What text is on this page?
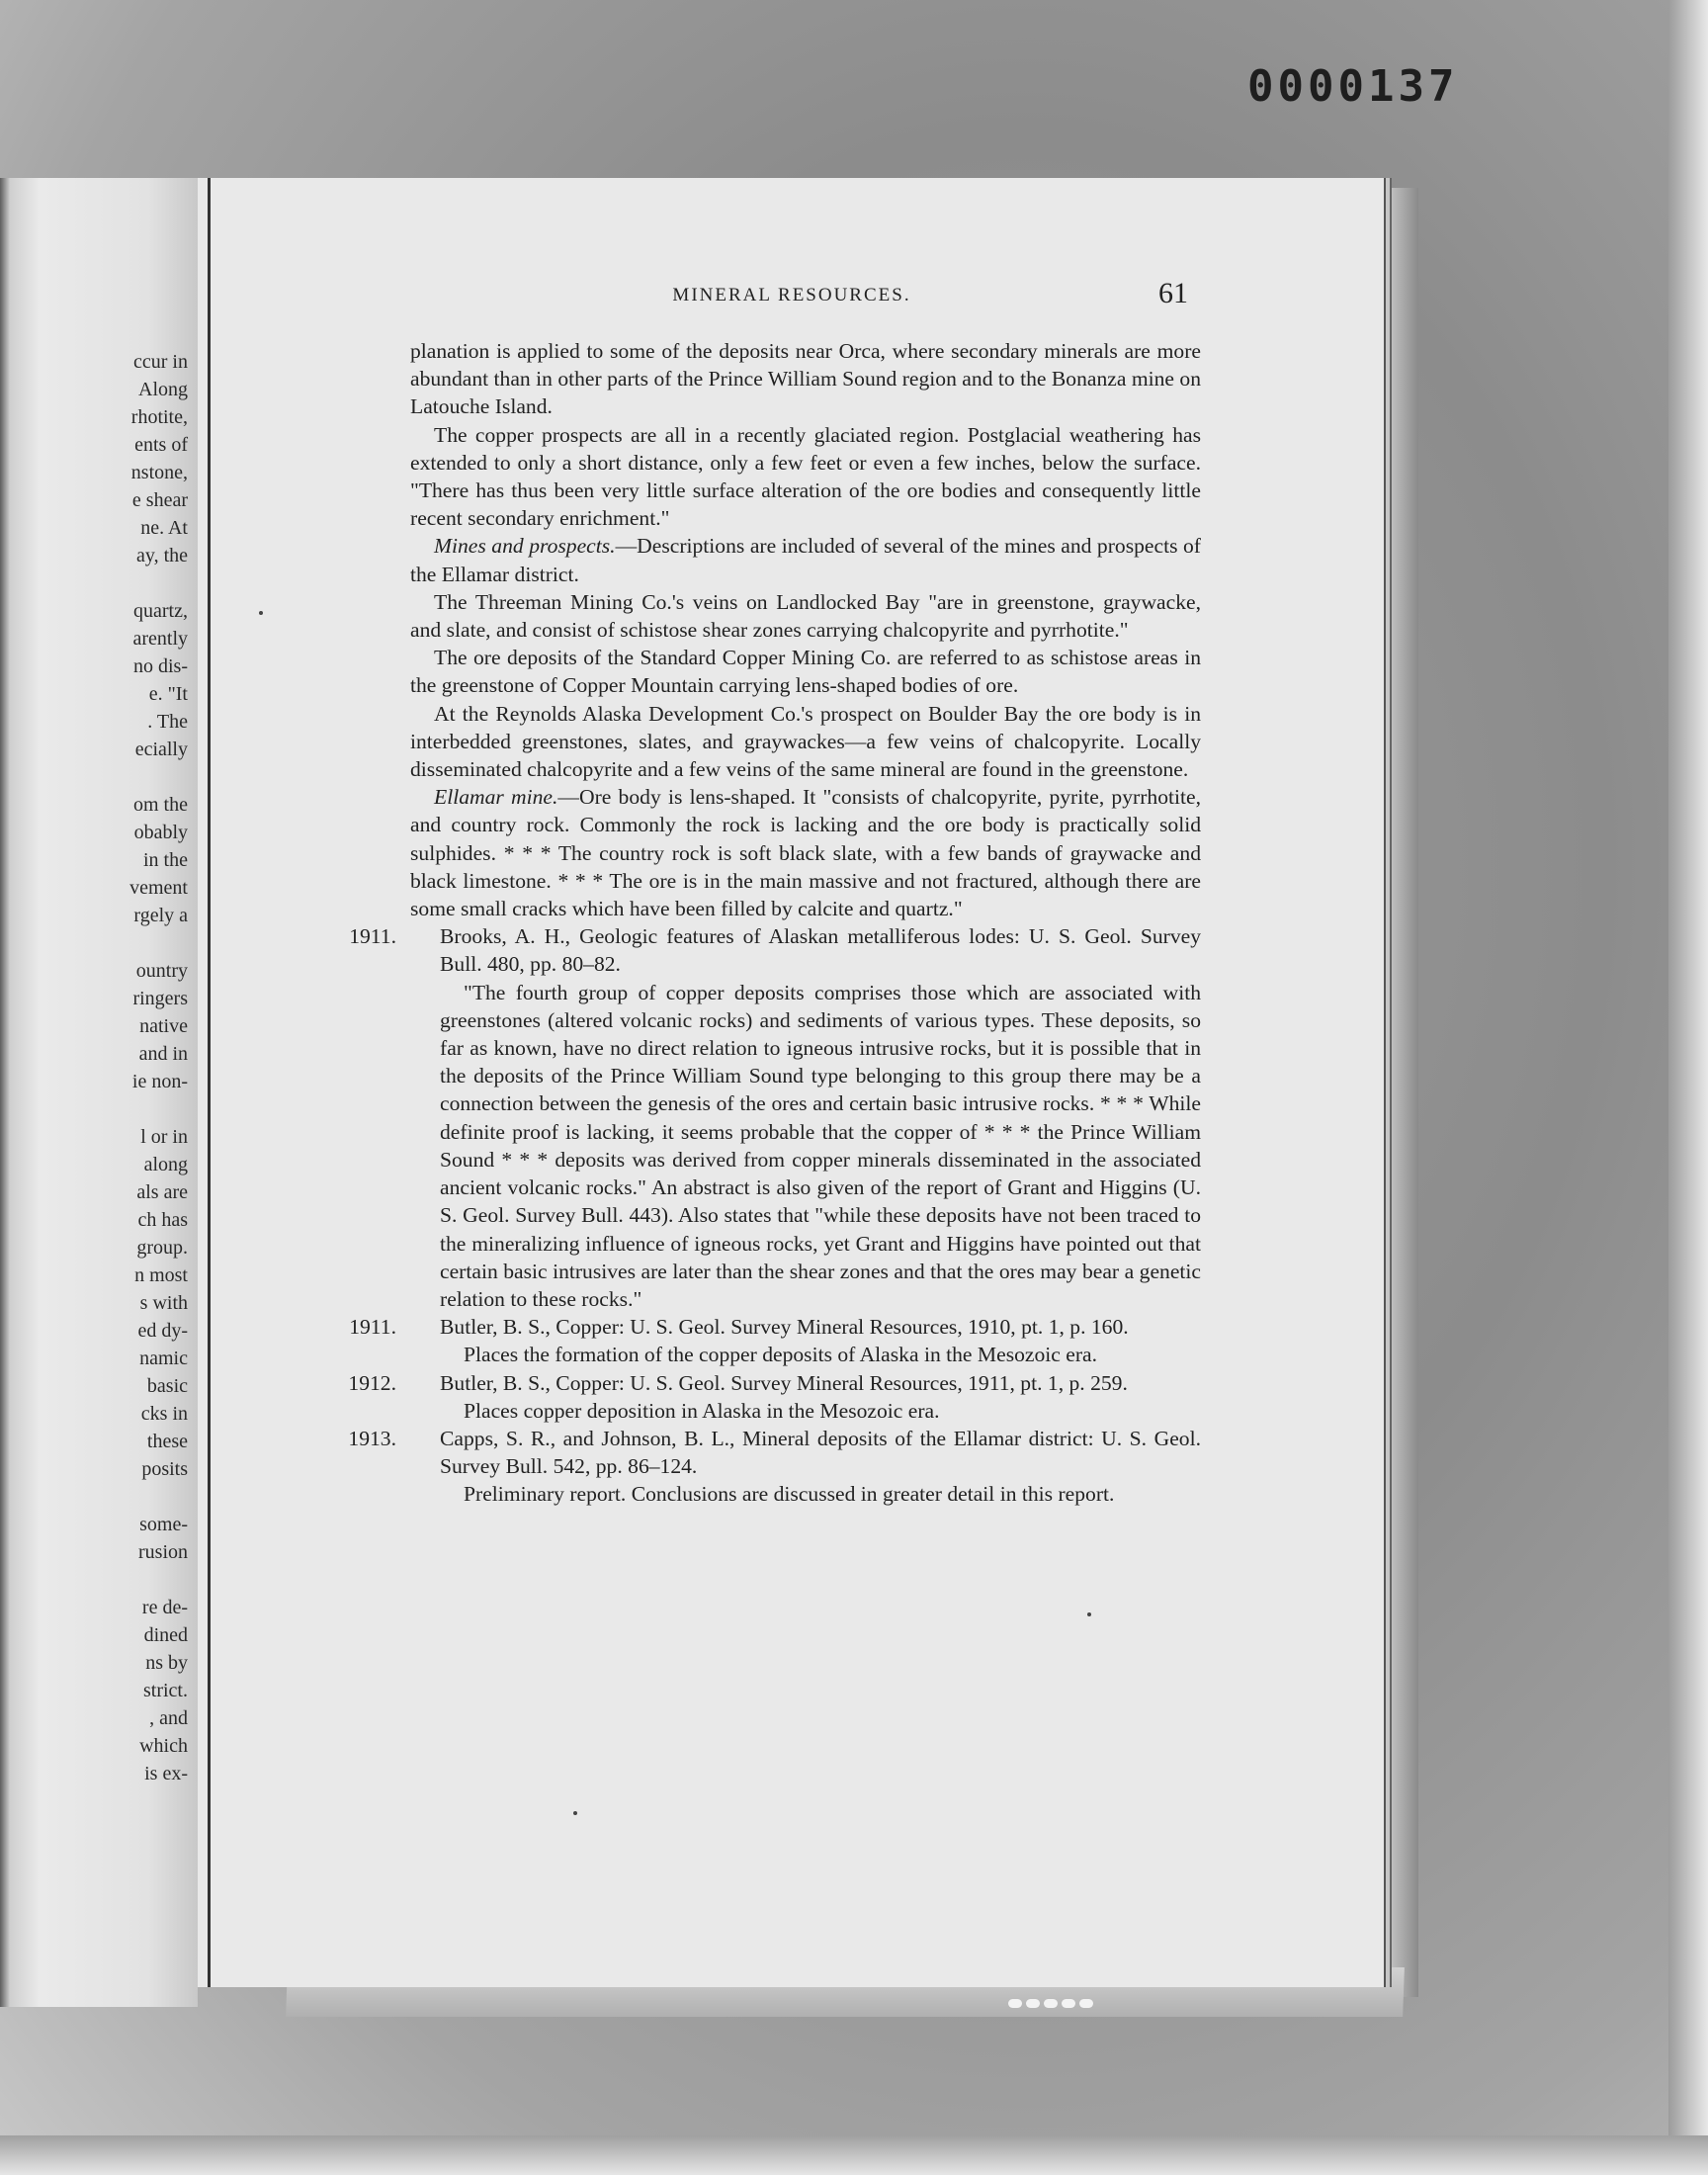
0000137
ccur in
Along
rhotite,
ents of
nstone,
e shear
ne. At
ay, the
quartz,
arently
no dis-
e. "It
. The
ecially
om the
obably
in the
vement
rgely a
ountry
ringers
native
and in
ie non-
l or in
along
als are
ch has
group.
n most
s with
ed dy-
namic
basic
cks in
these
posits
some-
rusion
re de-
dined
ns by
strict.
, and
which
is ex-
MINERAL RESOURCES.	61

planation is applied to some of the deposits near Orca, where secondary minerals are more abundant than in other parts of the Prince William Sound region and to the Bonanza mine on Latouche Island.

The copper prospects are all in a recently glaciated region. Postglacial weathering has extended to only a short distance, only a few feet or even a few inches, below the surface. "There has thus been very little surface alteration of the ore bodies and consequently little recent secondary enrichment."

Mines and prospects.—Descriptions are included of several of the mines and prospects of the Ellamar district.

The Threeman Mining Co.'s veins on Landlocked Bay "are in greenstone, graywacke, and slate, and consist of schistose shear zones carrying chalcopyrite and pyrrhotite."

The ore deposits of the Standard Copper Mining Co. are referred to as schistose areas in the greenstone of Copper Mountain carrying lens-shaped bodies of ore.

At the Reynolds Alaska Development Co.'s prospect on Boulder Bay the ore body is in interbedded greenstones, slates, and graywackes—a few veins of chalcopyrite. Locally disseminated chalcopyrite and a few veins of the same mineral are found in the greenstone.

Ellamar mine.—Ore body is lens-shaped. It "consists of chalcopyrite, pyrite, pyrrhotite, and country rock. Commonly the rock is lacking and the ore body is practically solid sulphides. * * * The country rock is soft black slate, with a few bands of graywacke and black limestone. * * * The ore is in the main massive and not fractured, although there are some small cracks which have been filled by calcite and quartz."

1911. Brooks, A. H., Geologic features of Alaskan metalliferous lodes: U. S. Geol. Survey Bull. 480, pp. 80–82.

"The fourth group of copper deposits comprises those which are associated with greenstones (altered volcanic rocks) and sediments of various types. These deposits, so far as known, have no direct relation to igneous intrusive rocks, but it is possible that in the deposits of the Prince William Sound type belonging to this group there may be a connection between the genesis of the ores and certain basic intrusive rocks. * * * While definite proof is lacking, it seems probable that the copper of * * * the Prince William Sound * * * deposits was derived from copper minerals disseminated in the associated ancient volcanic rocks." An abstract is also given of the report of Grant and Higgins (U. S. Geol. Survey Bull. 443). Also states that "while these deposits have not been traced to the mineralizing influence of igneous rocks, yet Grant and Higgins have pointed out that certain basic intrusives are later than the shear zones and that the ores may bear a genetic relation to these rocks."

1911. Butler, B. S., Copper: U. S. Geol. Survey Mineral Resources, 1910, pt. 1, p. 160.

Places the formation of the copper deposits of Alaska in the Mesozoic era.

1912. Butler, B. S., Copper: U. S. Geol. Survey Mineral Resources, 1911, pt. 1, p. 259.

Places copper deposition in Alaska in the Mesozoic era.

1913. Capps, S. R., and Johnson, B. L., Mineral deposits of the Ellamar district: U. S. Geol. Survey Bull. 542, pp. 86–124.

Preliminary report. Conclusions are discussed in greater detail in this report.
